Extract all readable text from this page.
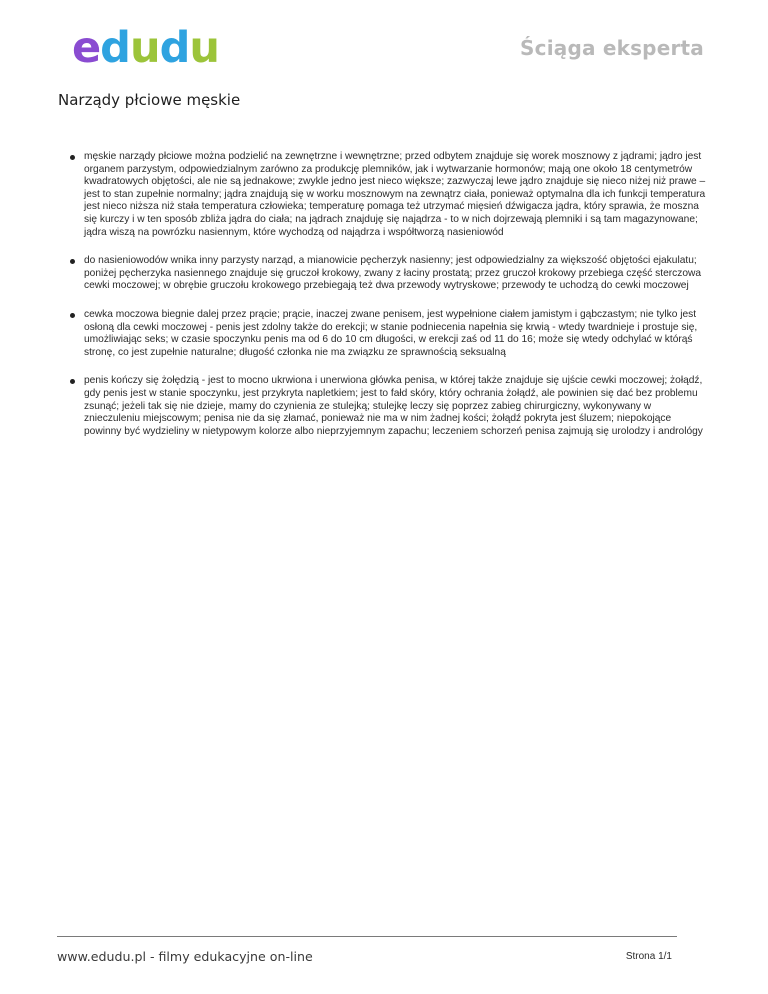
edudu	Ściąga eksperta
Narządy płciowe męskie
męskie narządy płciowe można podzielić na zewnętrzne i wewnętrzne; przed odbytem znajduje się worek mosznowy z jądrami; jądro jest organem parzystym, odpowiedzialnym zarówno za produkcję plemników, jak i wytwarzanie hormonów; mają one około 18 centymetrów kwadratowych objętości, ale nie są jednakowe; zwykle jedno jest nieco większe; zazwyczaj lewe jądro znajduje się nieco niżej niż prawe – jest to stan zupełnie normalny; jądra znajdują się w worku mosznowym na zewnątrz ciała, ponieważ optymalna dla ich funkcji temperatura jest nieco niższa niż stała temperatura człowieka; temperaturę pomaga też utrzymać mięsień dźwigacza jądra, który sprawia, że moszna się kurczy i w ten sposób zbliża jądra do ciała; na jądrach znajduję się najądrza - to w nich dojrzewają plemniki i są tam magazynowane; jądra wiszą na powrózku nasiennym, które wychodzą od najądrza i współtworzą nasieniowód
do nasieniowodów wnika inny parzysty narząd, a mianowicie pęcherzyk nasienny; jest odpowiedzialny za większość objętości ejakulatu; poniżej pęcherzyka nasiennego znajduje się gruczoł krokowy, zwany z łaciny prostatą; przez gruczoł krokowy przebiega część sterczowa cewki moczowej; w obrębie gruczołu krokowego przebiegają też dwa przewody wytryskowe; przewody te uchodzą do cewki moczowej
cewka moczowa biegnie dalej przez prącie; prącie, inaczej zwane penisem, jest wypełnione ciałem jamistym i gąbczastym; nie tylko jest osłoną dla cewki moczowej - penis jest zdolny także do erekcji; w stanie podniecenia napełnia się krwią - wtedy twardnieje i prostuje się, umożliwiając seks; w czasie spoczynku penis ma od 6 do 10 cm długości, w erekcji zaś od 11 do 16; może się wtedy odchylać w którąś stronę, co jest zupełnie naturalne; długość członka nie ma związku ze sprawnością seksualną
penis kończy się żołędzią - jest to mocno ukrwiona i unerwiona główka penisa, w której także znajduje się ujście cewki moczowej; żołądź, gdy penis jest w stanie spoczynku, jest przykryta napletkiem; jest to fałd skóry, który ochrania żołądź, ale powinien się dać bez problemu zsunąć; jeżeli tak się nie dzieje, mamy do czynienia ze stulejką; stulejkę leczy się poprzez zabieg chirurgiczny, wykonywany w znieczuleniu miejscowym; penisa nie da się złamać, ponieważ nie ma w nim żadnej kości; żołądź pokryta jest śluzem; niepokojące powinny być wydzieliny w nietypowym kolorze albo nieprzyjemnym zapachu; leczeniem schorzeń penisa zajmują się urolodzy i andrológy
www.edudu.pl - filmy edukacyjne on-line	Strona 1/1
